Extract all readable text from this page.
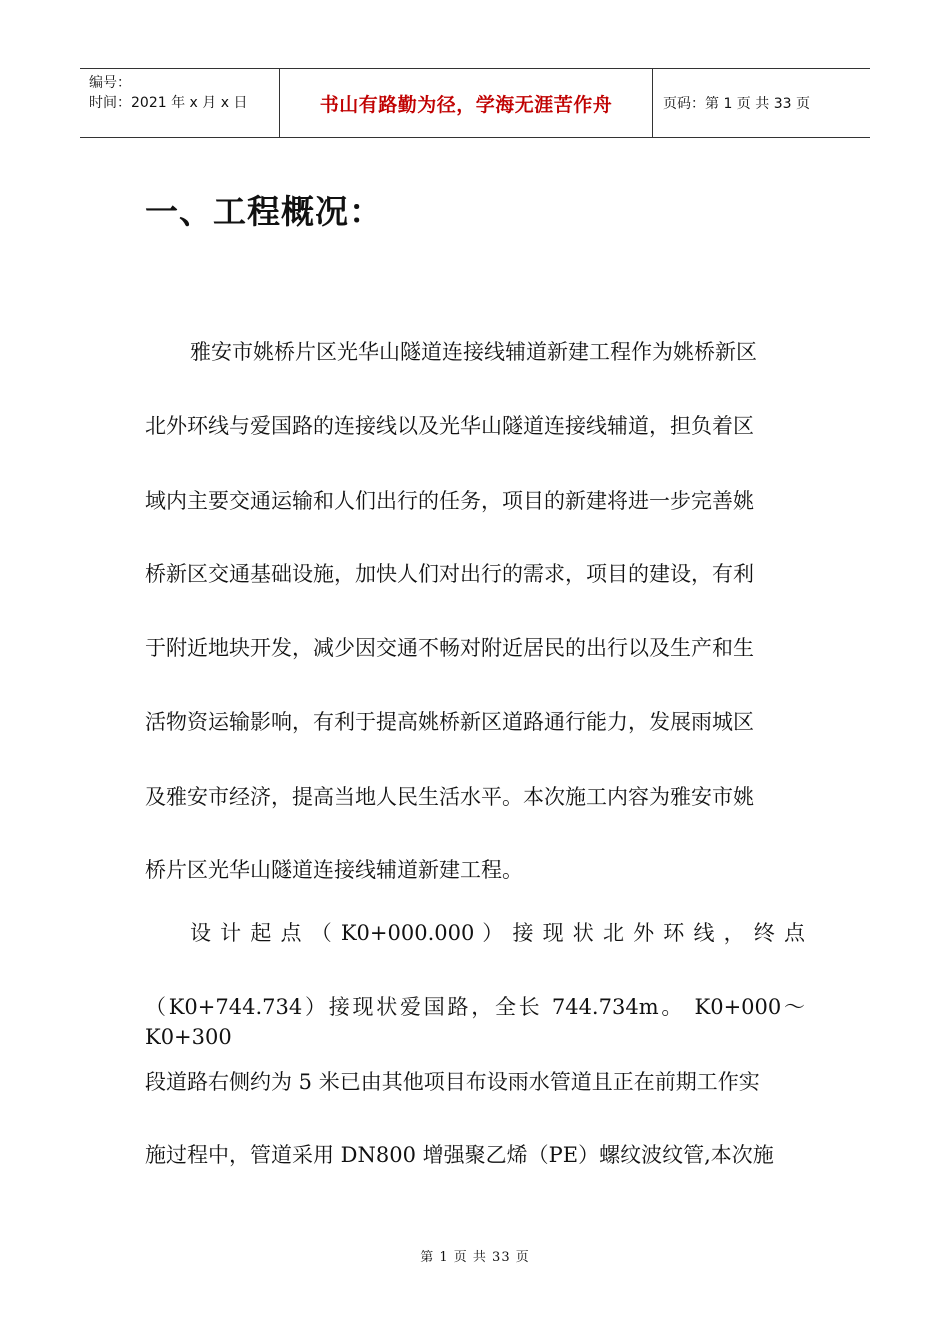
编号：
时间：2021 年 x 月 x 日	书山有路勤为径，学海无涯苦作舟	页码：第 1 页 共 33 页
一、工程概况：
雅安市姚桥片区光华山隧道连接线辅道新建工程作为姚桥新区
北外环线与爱国路的连接线以及光华山隧道连接线辅道，担负着区
域内主要交通运输和人们出行的任务，项目的新建将进一步完善姚
桥新区交通基础设施，加快人们对出行的需求，项目的建设，有利
于附近地块开发，减少因交通不畅对附近居民的出行以及生产和生
活物资运输影响，有利于提高姚桥新区道路通行能力，发展雨城区
及雅安市经济，提高当地人民生活水平。本次施工内容为雅安市姚
桥片区光华山隧道连接线辅道新建工程。
设 计 起 点 （ K0+000.000 ） 接 现 状 北 外 环 线 ， 终 点
（K0+744.734）接现状爱国路，全长 744.734m。 K0+000～K0+300
段道路右侧约为 5 米已由其他项目布设雨水管道且正在前期工作实
施过程中，管道采用 DN800 增强聚乙烯（PE）螺纹波纹管,本次施
第 1 页 共 33 页
